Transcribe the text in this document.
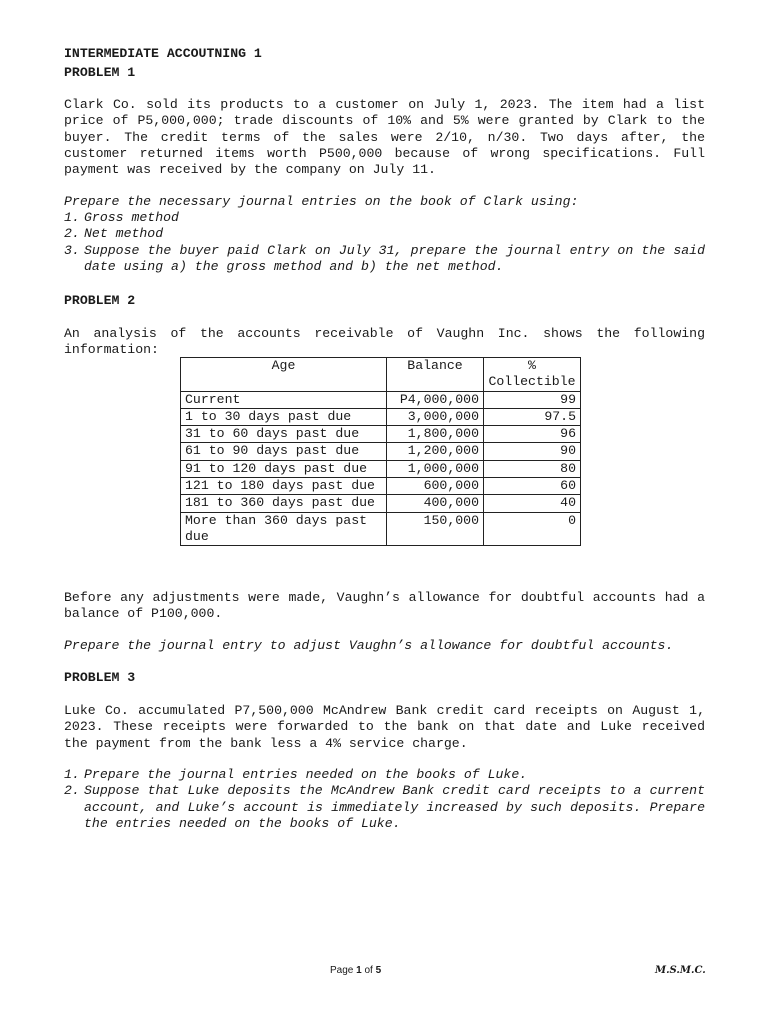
INTERMEDIATE ACCOUTNING 1
PROBLEM 1

Clark Co. sold its products to a customer on July 1, 2023. The item had a list price of P5,000,000; trade discounts of 10% and 5% were granted by Clark to the buyer. The credit terms of the sales were 2/10, n/30. Two days after, the customer returned items worth P500,000 because of wrong specifications. Full payment was received by the company on July 11.

Prepare the necessary journal entries on the book of Clark using:
1. Gross method
2. Net method
3. Suppose the buyer paid Clark on July 31, prepare the journal entry on the said date using a) the gross method and b) the net method.
PROBLEM 2

An analysis of the accounts receivable of Vaughn Inc. shows the following information:

Age	Balance	% Collectible
Current	P4,000,000	99
1 to 30 days past due	3,000,000	97.5
31 to 60 days past due	1,800,000	96
61 to 90 days past due	1,200,000	90
91 to 120 days past due	1,000,000	80
121 to 180 days past due	600,000	60
181 to 360 days past due	400,000	40
More than 360 days past due	150,000	0

Before any adjustments were made, Vaughn’s allowance for doubtful accounts had a balance of P100,000.

Prepare the journal entry to adjust Vaughn’s allowance for doubtful accounts.
PROBLEM 3

Luke Co. accumulated P7,500,000 McAndrew Bank credit card receipts on August 1, 2023. These receipts were forwarded to the bank on that date and Luke received the payment from the bank less a 4% service charge.

1. Prepare the journal entries needed on the books of Luke.
2. Suppose that Luke deposits the McAndrew Bank credit card receipts to a current account, and Luke’s account is immediately increased by such deposits. Prepare the entries needed on the books of Luke.
Page 1 of 5	M.S.M.C.
